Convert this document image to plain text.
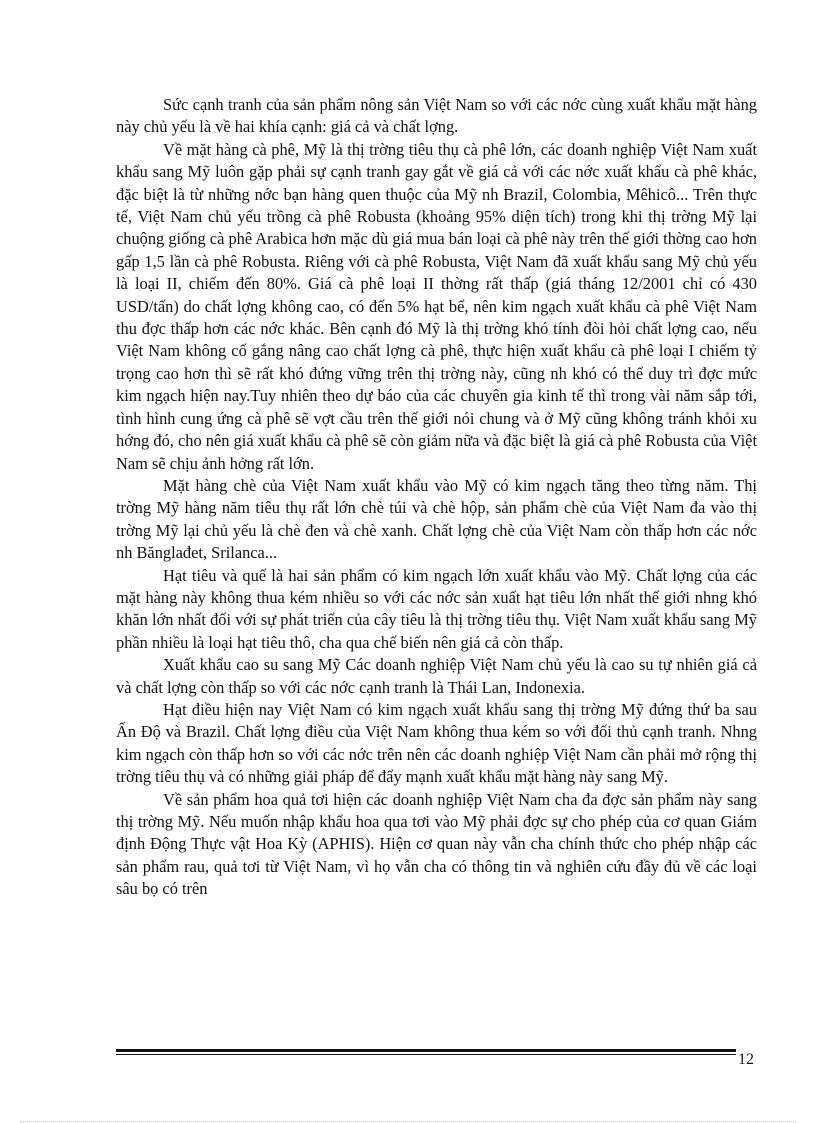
Sức cạnh tranh của sản phẩm nông sản Việt Nam so với các nớc cùng xuất khẩu mặt hàng này chủ yếu là về hai khía cạnh: giá cả và chất lợng.

Về mặt hàng cà phê, Mỹ là thị trờng tiêu thụ cà phê lớn, các doanh nghiệp Việt Nam xuất khẩu sang Mỹ luôn gặp phải sự cạnh tranh gay gắt về giá cả với các nớc xuất khẩu cà phê khác, đặc biệt là từ những nớc bạn hàng quen thuộc của Mỹ nh Brazil, Colombia, Mêhicô... Trên thực tế, Việt Nam chủ yếu trồng cà phê Robusta (khoảng 95% diện tích) trong khi thị trờng Mỹ lại chuộng giống cà phê Arabica hơn mặc dù giá mua bán loại cà phê này trên thế giới thờng cao hơn gấp 1,5 lần cà phê Robusta. Riêng với cà phê Robusta, Việt Nam đã xuất khẩu sang Mỹ chủ yếu là loại II, chiếm đến 80%. Giá cà phê loại II thờng rất thấp (giá tháng 12/2001 chỉ có 430 USD/tấn) do chất lợng không cao, có đến 5% hạt bể, nên kim ngạch xuất khẩu cà phê Việt Nam thu đợc thấp hơn các nớc khác. Bên cạnh đó Mỹ là thị trờng khó tính đòi hỏi chất lợng cao, nếu Việt Nam không cố gắng nâng cao chất lợng cà phê, thực hiện xuất khẩu cà phê loại I chiếm tỷ trọng cao hơn thì sẽ rất khó đứng vững trên thị trờng này, cũng nh khó có thể duy trì đợc mức kim ngạch hiện nay.Tuy nhiên theo dự báo của các chuyên gia kinh tế thì trong vài năm sắp tới, tình hình cung ứng cà phê sẽ vợt cầu trên thế giới nói chung và ở Mỹ cũng không tránh khỏi xu hớng đó, cho nên giá xuất khẩu cà phê sẽ còn giảm nữa và đặc biệt là giá cà phê Robusta của Việt Nam sẽ chịu ảnh hởng rất lớn.

Mặt hàng chè của Việt Nam xuất khẩu vào Mỹ có kim ngạch tăng theo từng năm. Thị trờng Mỹ hàng năm tiêu thụ rất lớn chè túi và chè hộp, sản phẩm chè của Việt Nam đa vào thị trờng Mỹ lại chủ yếu là chè đen và chè xanh. Chất lợng chè của Việt Nam còn thấp hơn các nớc nh Bănglađet, Srilanca...

Hạt tiêu và quế là hai sản phẩm có kim ngạch lớn xuất khẩu vào Mỹ. Chất lợng của các mặt hàng này không thua kém nhiều so với các nớc sản xuất hạt tiêu lớn nhất thế giới nhng khó khăn lớn nhất đối với sự phát triển của cây tiêu là thị trờng tiêu thụ. Việt Nam xuất khẩu sang Mỹ phần nhiều là loại hạt tiêu thô, cha qua chế biến nên giá cả còn thấp.

Xuất khẩu cao su sang Mỹ Các doanh nghiệp Việt Nam chủ yếu là cao su tự nhiên giá cả và chất lợng còn thấp so với các nớc cạnh tranh là Thái Lan, Indonexia.

Hạt điều hiện nay Việt Nam có kim ngạch xuất khẩu sang thị trờng Mỹ đứng thứ ba sau Ấn Độ và Brazil. Chất lợng điều của Việt Nam không thua kém so với đối thủ cạnh tranh. Nhng kim ngạch còn thấp hơn so với các nớc trên nên các doanh nghiệp Việt Nam cần phải mở rộng thị trờng tiêu thụ và có những giải pháp để đẩy mạnh xuất khẩu mặt hàng này sang Mỹ.

Về sản phẩm hoa quả tơi hiện các doanh nghiệp Việt Nam cha đa đợc sản phẩm này sang thị trờng Mỹ. Nếu muốn nhập khẩu hoa qua tơi vào Mỹ phải đợc sự cho phép của cơ quan Giám định Động Thực vật Hoa Kỳ (APHIS). Hiện cơ quan này vẫn cha chính thức cho phép nhập các sản phẩm rau, quả tơi từ Việt Nam, vì họ vẫn cha có thông tin và nghiên cứu đầy đủ về các loại sâu bọ có trên

12
